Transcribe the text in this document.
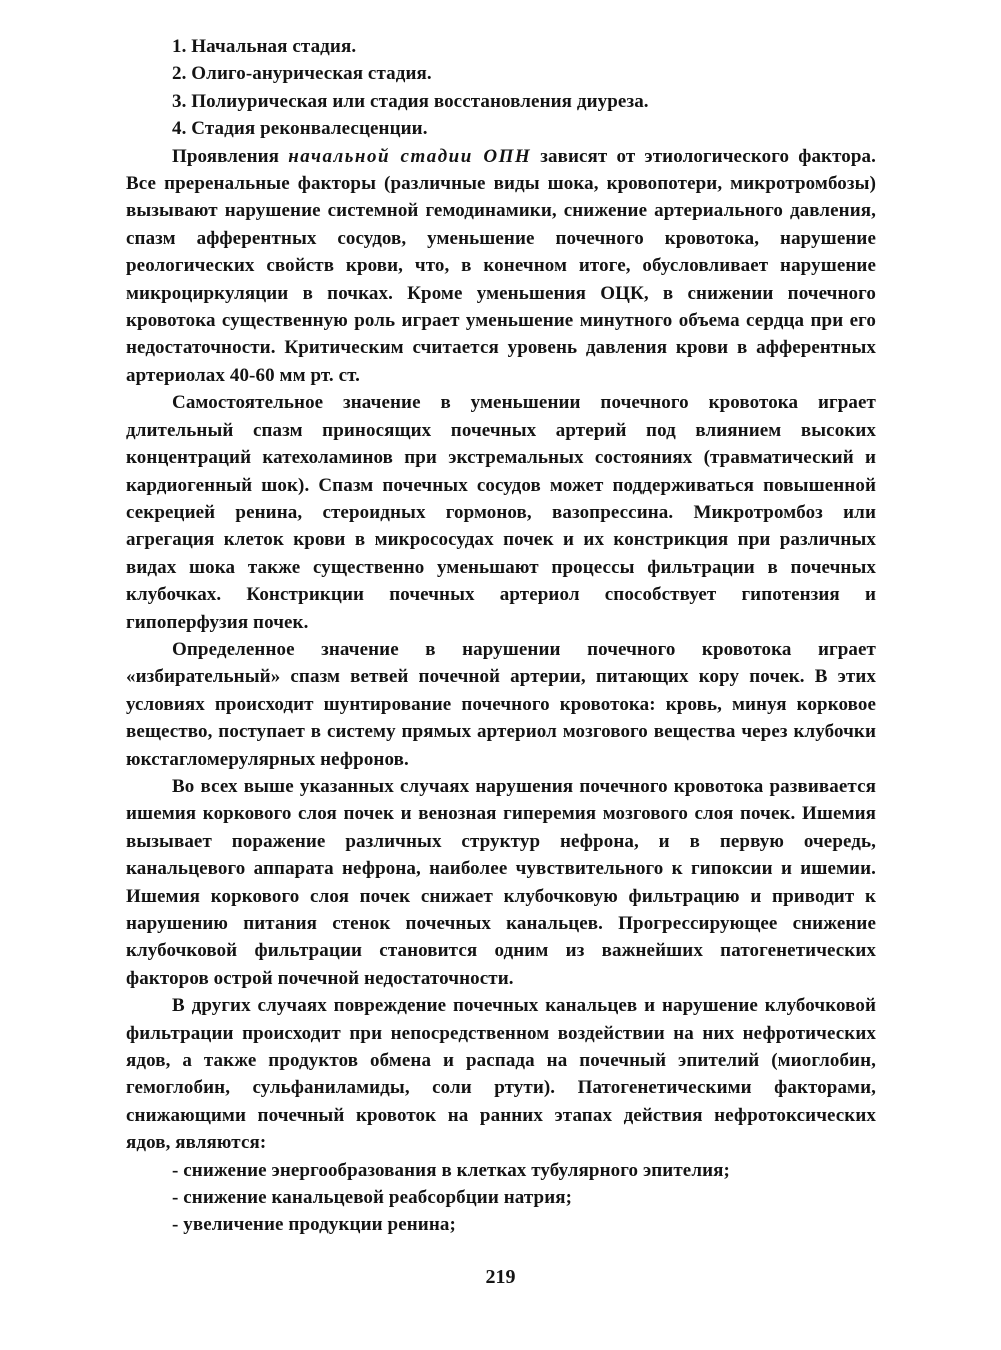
1. Начальная стадия.

2. Олиго-анурическая стадия.

3. Полиурическая или стадия восстановления диуреза.

4. Стадия реконвалесценции.

Проявления начальной стадии ОПН зависят от этиологического фактора. Все преренальные факторы (различные виды шока, кровопотери, микротромбозы) вызывают нарушение системной гемодинамики, снижение артериального давления, спазм афферентных сосудов, уменьшение почечного кровотока, нарушение реологических свойств крови, что, в конечном итоге, обусловливает нарушение микроциркуляции в почках. Кроме уменьшения ОЦК, в снижении почечного кровотока существенную роль играет уменьшение минутного объема сердца при его недостаточности. Критическим считается уровень давления крови в афферентных артериолах 40-60 мм рт. ст.

Самостоятельное значение в уменьшении почечного кровотока играет длительный спазм приносящих почечных артерий под влиянием высоких концентраций катехоламинов при экстремальных состояниях (травматический и кардиогенный шок). Спазм почечных сосудов может поддерживаться повышенной секрецией ренина, стероидных гормонов, вазопрессина. Микротромбоз или агрегация клеток крови в микрососудах почек и их констрикция при различных видах шока также существенно уменьшают процессы фильтрации в почечных клубочках. Констрикции почечных артериол способствует гипотензия и гипоперфузия почек.

Определенное значение в нарушении почечного кровотока играет «избирательный» спазм ветвей почечной артерии, питающих кору почек. В этих условиях происходит шунтирование почечного кровотока: кровь, минуя корковое вещество, поступает в систему прямых артериол мозгового вещества через клубочки юкстагломерулярных нефронов.

Во всех выше указанных случаях нарушения почечного кровотока развивается ишемия коркового слоя почек и венозная гиперемия мозгового слоя почек. Ишемия вызывает поражение различных структур нефрона, и в первую очередь, канальцевого аппарата нефрона, наиболее чувствительного к гипоксии и ишемии. Ишемия коркового слоя почек снижает клубочковую фильтрацию и приводит к нарушению питания стенок почечных канальцев. Прогрессирующее снижение клубочковой фильтрации становится одним из важнейших патогенетических факторов острой почечной недостаточности.

В других случаях повреждение почечных канальцев и нарушение клубочковой фильтрации происходит при непосредственном воздействии на них нефротических ядов, а также продуктов обмена и распада на почечный эпителий (миоглобин, гемоглобин, сульфаниламиды, соли ртути). Патогенетическими факторами, снижающими почечный кровоток на ранних этапах действия нефротоксических ядов, являются:

- снижение энергообразования в клетках тубулярного эпителия;

- снижение канальцевой реабсорбции натрия;

- увеличение продукции ренина;

219
